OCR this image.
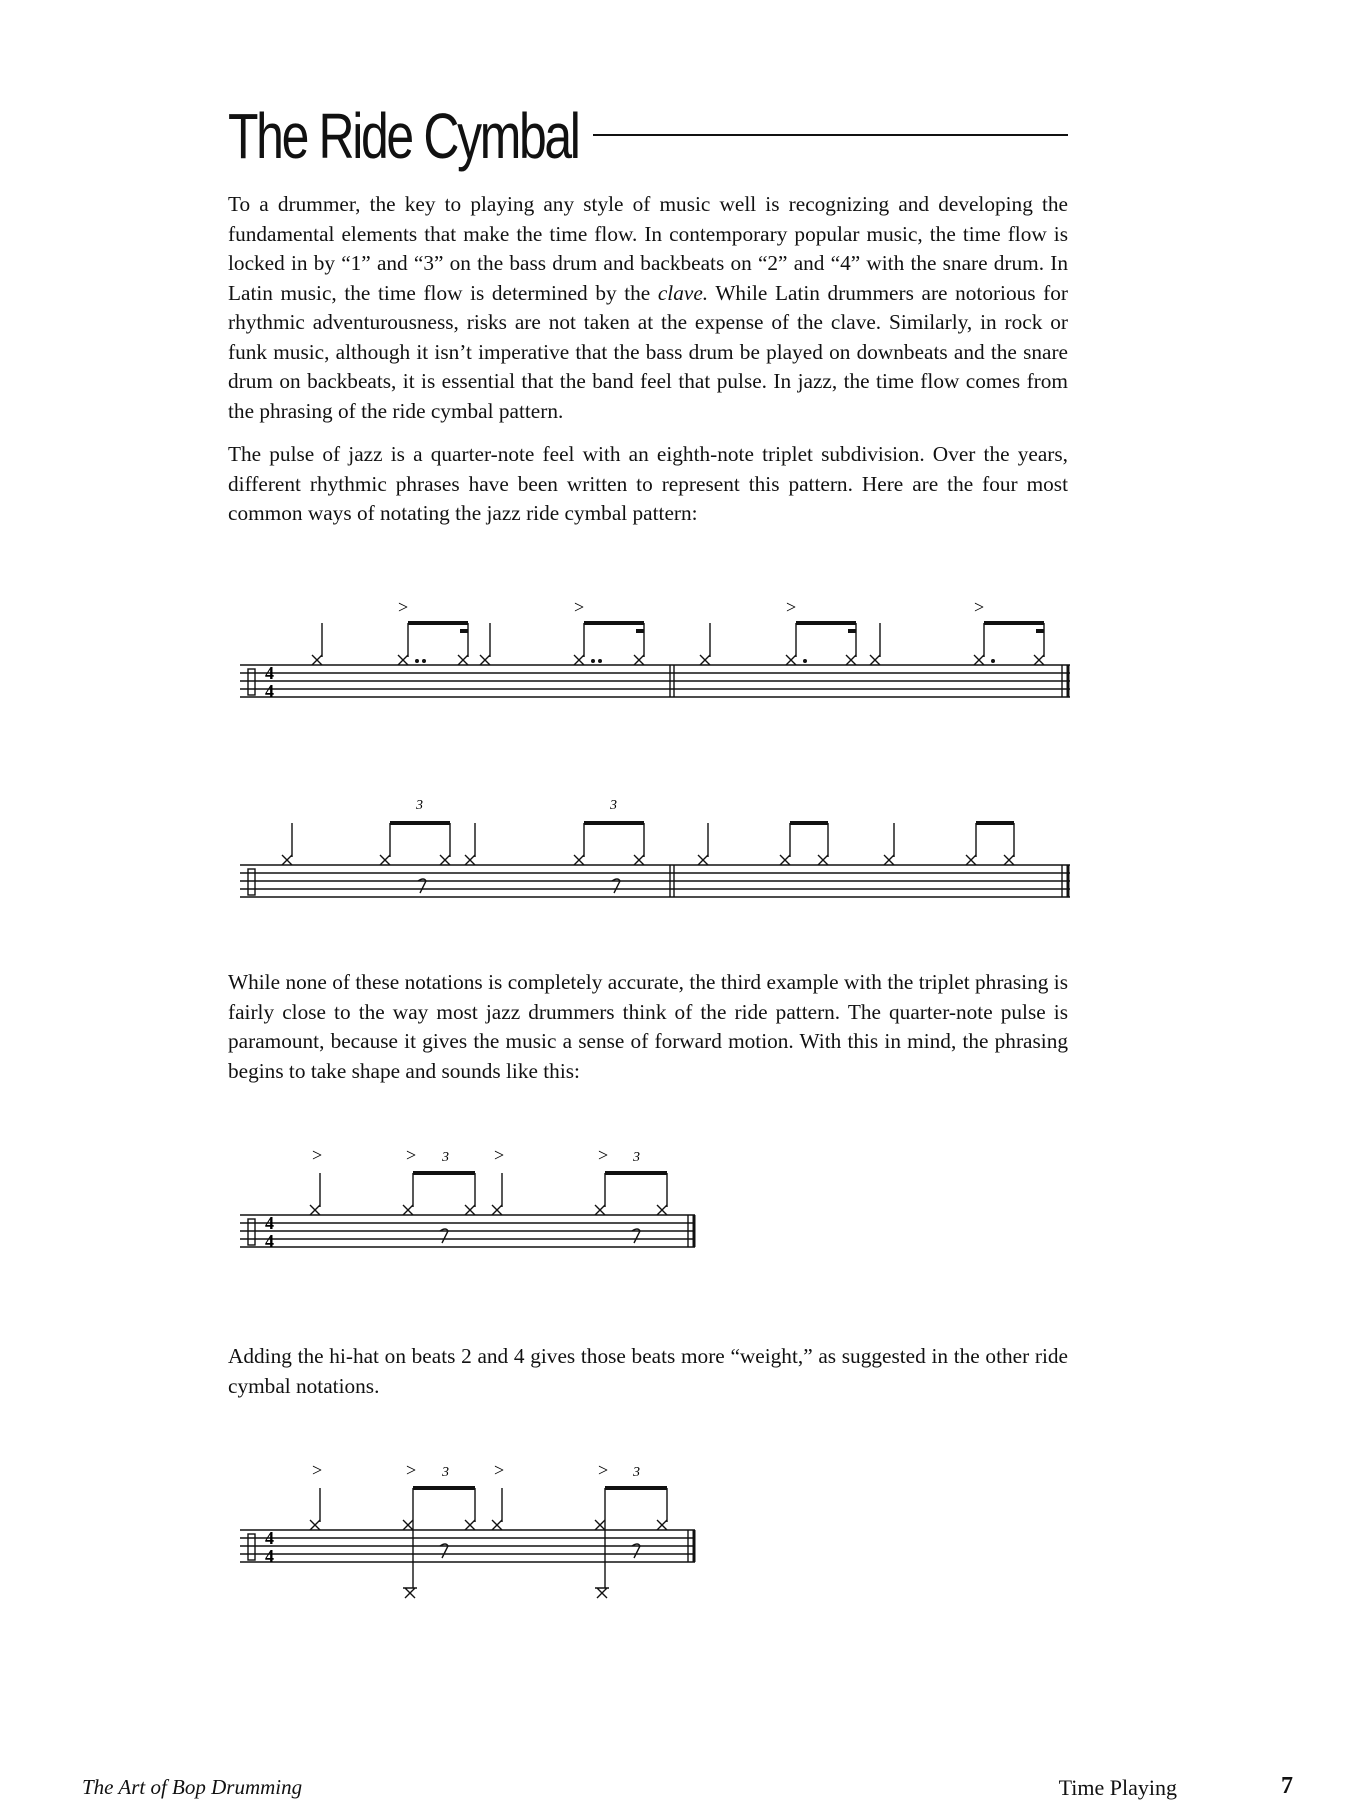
The Ride Cymbal

To a drummer, the key to playing any style of music well is recognizing and developing the fundamental elements that make the time flow. In contemporary popular music, the time flow is locked in by “1” and “3” on the bass drum and backbeats on “2” and “4” with the snare drum. In Latin music, the time flow is determined by the clave. While Latin drummers are notorious for rhythmic adventurousness, risks are not taken at the expense of the clave. Similarly, in rock or funk music, although it isn’t imperative that the bass drum be played on downbeats and the snare drum on backbeats, it is essential that the band feel that pulse. In jazz, the time flow comes from the phrasing of the ride cymbal pattern.

The pulse of jazz is a quarter-note feel with an eighth-note triplet subdivision. Over the years, different rhythmic phrases have been written to represent this pattern. Here are the four most common ways of notating the jazz ride cymbal pattern:

4
4
>	>	>	>
3	3

While none of these notations is completely accurate, the third example with the triplet phrasing is fairly close to the way most jazz drummers think of the ride pattern. The quarter-note pulse is paramount, because it gives the music a sense of forward motion. With this in mind, the phrasing begins to take shape and sounds like this:

4
4
>	>	>	>
3	3

Adding the hi-hat on beats 2 and 4 gives those beats more “weight,” as suggested in the other ride cymbal notations.

4
4
>	>	>	>
3	3
The Art of Bop Drumming	Time Playing	7
